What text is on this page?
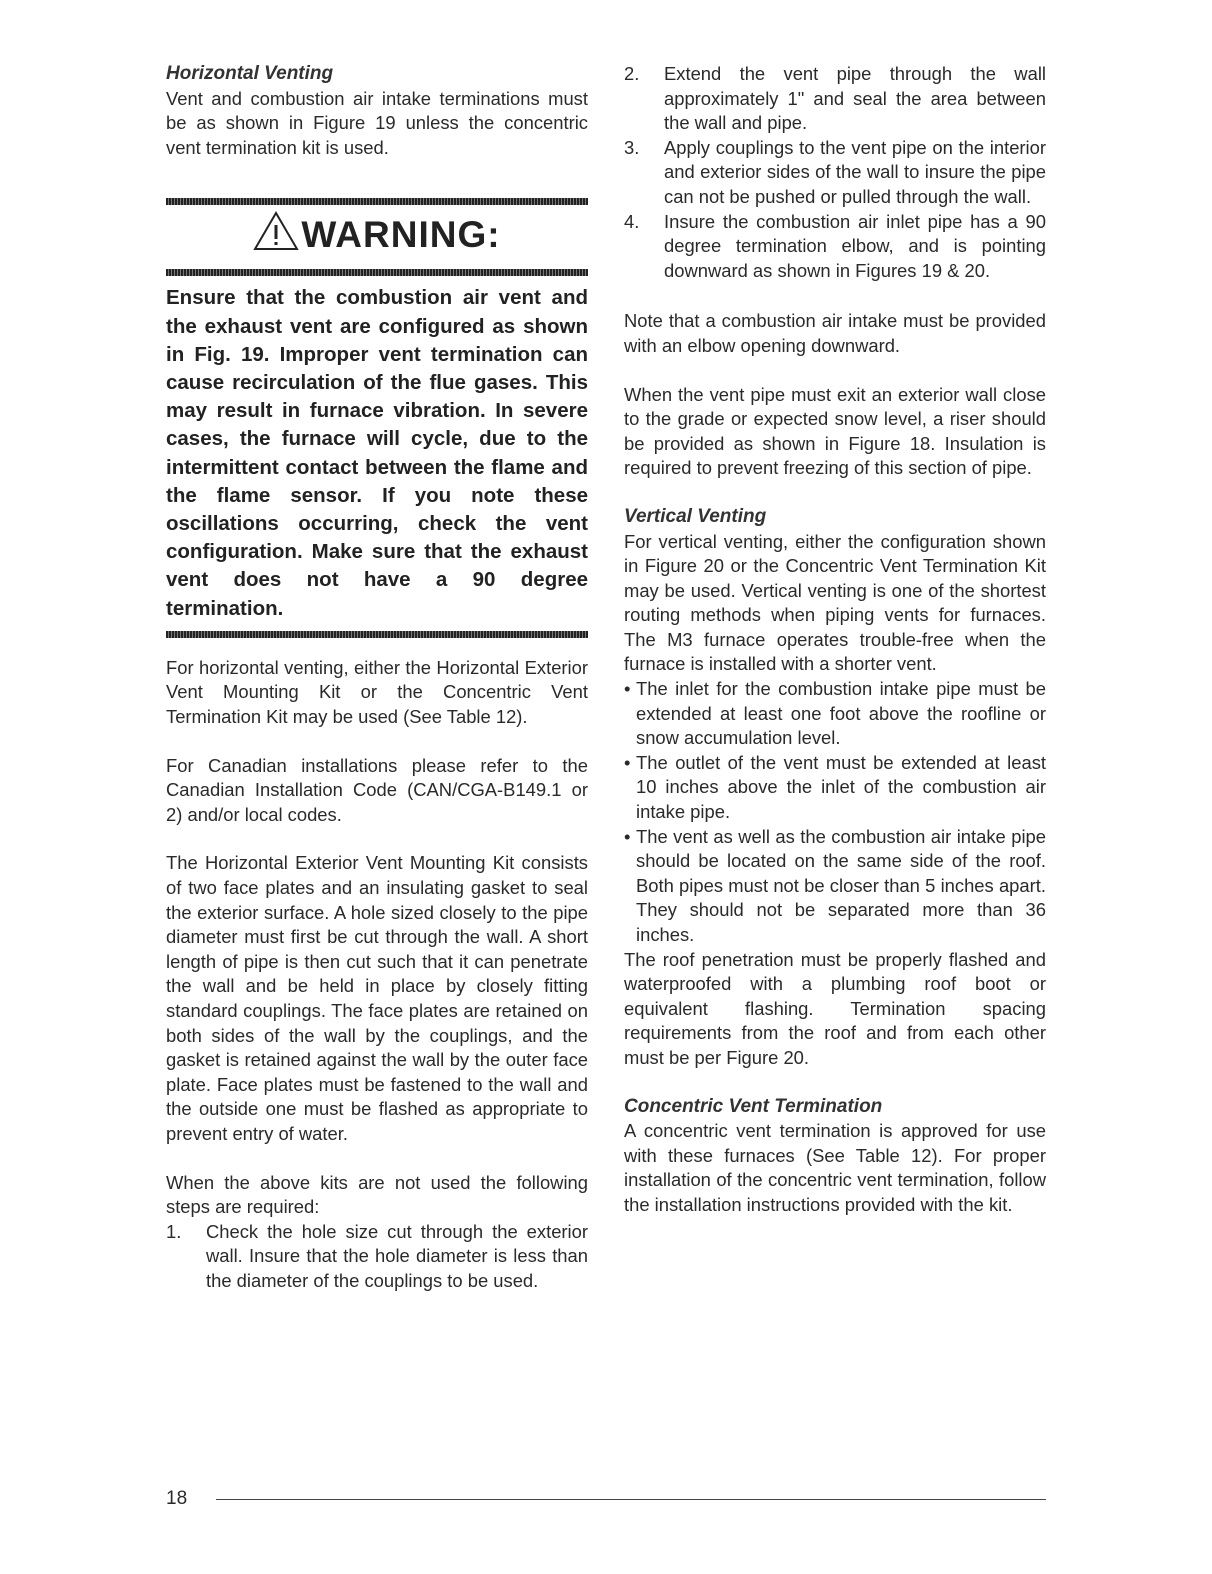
Horizontal Venting

Vent and combustion air intake terminations must be as shown in Figure 19 unless the concentric vent termination kit is used.

WARNING:
Ensure that the combustion air vent and the exhaust vent are configured as shown in Fig. 19. Improper vent termination can cause recirculation of the flue gases. This may result in furnace vibration. In severe cases, the furnace will cycle, due to the intermittent contact between the flame and the flame sensor. If you note these oscillations occurring, check the vent configuration. Make sure that the exhaust vent does not have a 90 degree termination.

For horizontal venting, either the Horizontal Exterior Vent Mounting Kit or the Concentric Vent Termination Kit may be used (See Table 12).

For Canadian installations please refer to the Canadian Installation Code (CAN/CGA-B149.1 or 2) and/or local codes.

The Horizontal Exterior Vent Mounting Kit consists of two face plates and an insulating gasket to seal the exterior surface. A hole sized closely to the pipe diameter must first be cut through the wall. A short length of pipe is then cut such that it can penetrate the wall and be held in place by closely fitting standard couplings. The face plates are retained on both sides of the wall by the couplings, and the gasket is retained against the wall by the outer face plate. Face plates must be fastened to the wall and the outside one must be flashed as appropriate to prevent entry of water.

When the above kits are not used the following steps are required:

1. Check the hole size cut through the exterior wall. Insure that the hole diameter is less than the diameter of the couplings to be used.
2. Extend the vent pipe through the wall approximately 1" and seal the area between the wall and pipe.
3. Apply couplings to the vent pipe on the interior and exterior sides of the wall to insure the pipe can not be pushed or pulled through the wall.
4. Insure the combustion air inlet pipe has a 90 degree termination elbow, and is pointing downward as shown in Figures 19 & 20.

Note that a combustion air intake must be provided with an elbow opening downward.

When the vent pipe must exit an exterior wall close to the grade or expected snow level, a riser should be provided as shown in Figure 18. Insulation is required to prevent freezing of this section of pipe.

Vertical Venting

For vertical venting, either the configuration shown in Figure 20 or the Concentric Vent Termination Kit may be used. Vertical venting is one of the shortest routing methods when piping vents for furnaces. The M3 furnace operates trouble-free when the furnace is installed with a shorter vent.

• The inlet for the combustion intake pipe must be extended at least one foot above the roofline or snow accumulation level.
• The outlet of the vent must be extended at least 10 inches above the inlet of the combustion air intake pipe.
• The vent as well as the combustion air intake pipe should be located on the same side of the roof. Both pipes must not be closer than 5 inches apart. They should not be separated more than 36 inches.

The roof penetration must be properly flashed and waterproofed with a plumbing roof boot or equivalent flashing. Termination spacing requirements from the roof and from each other must be per Figure 20.

Concentric Vent Termination

A concentric vent termination is approved for use with these furnaces (See Table 12). For proper installation of the concentric vent termination, follow the installation instructions provided with the kit.

18
